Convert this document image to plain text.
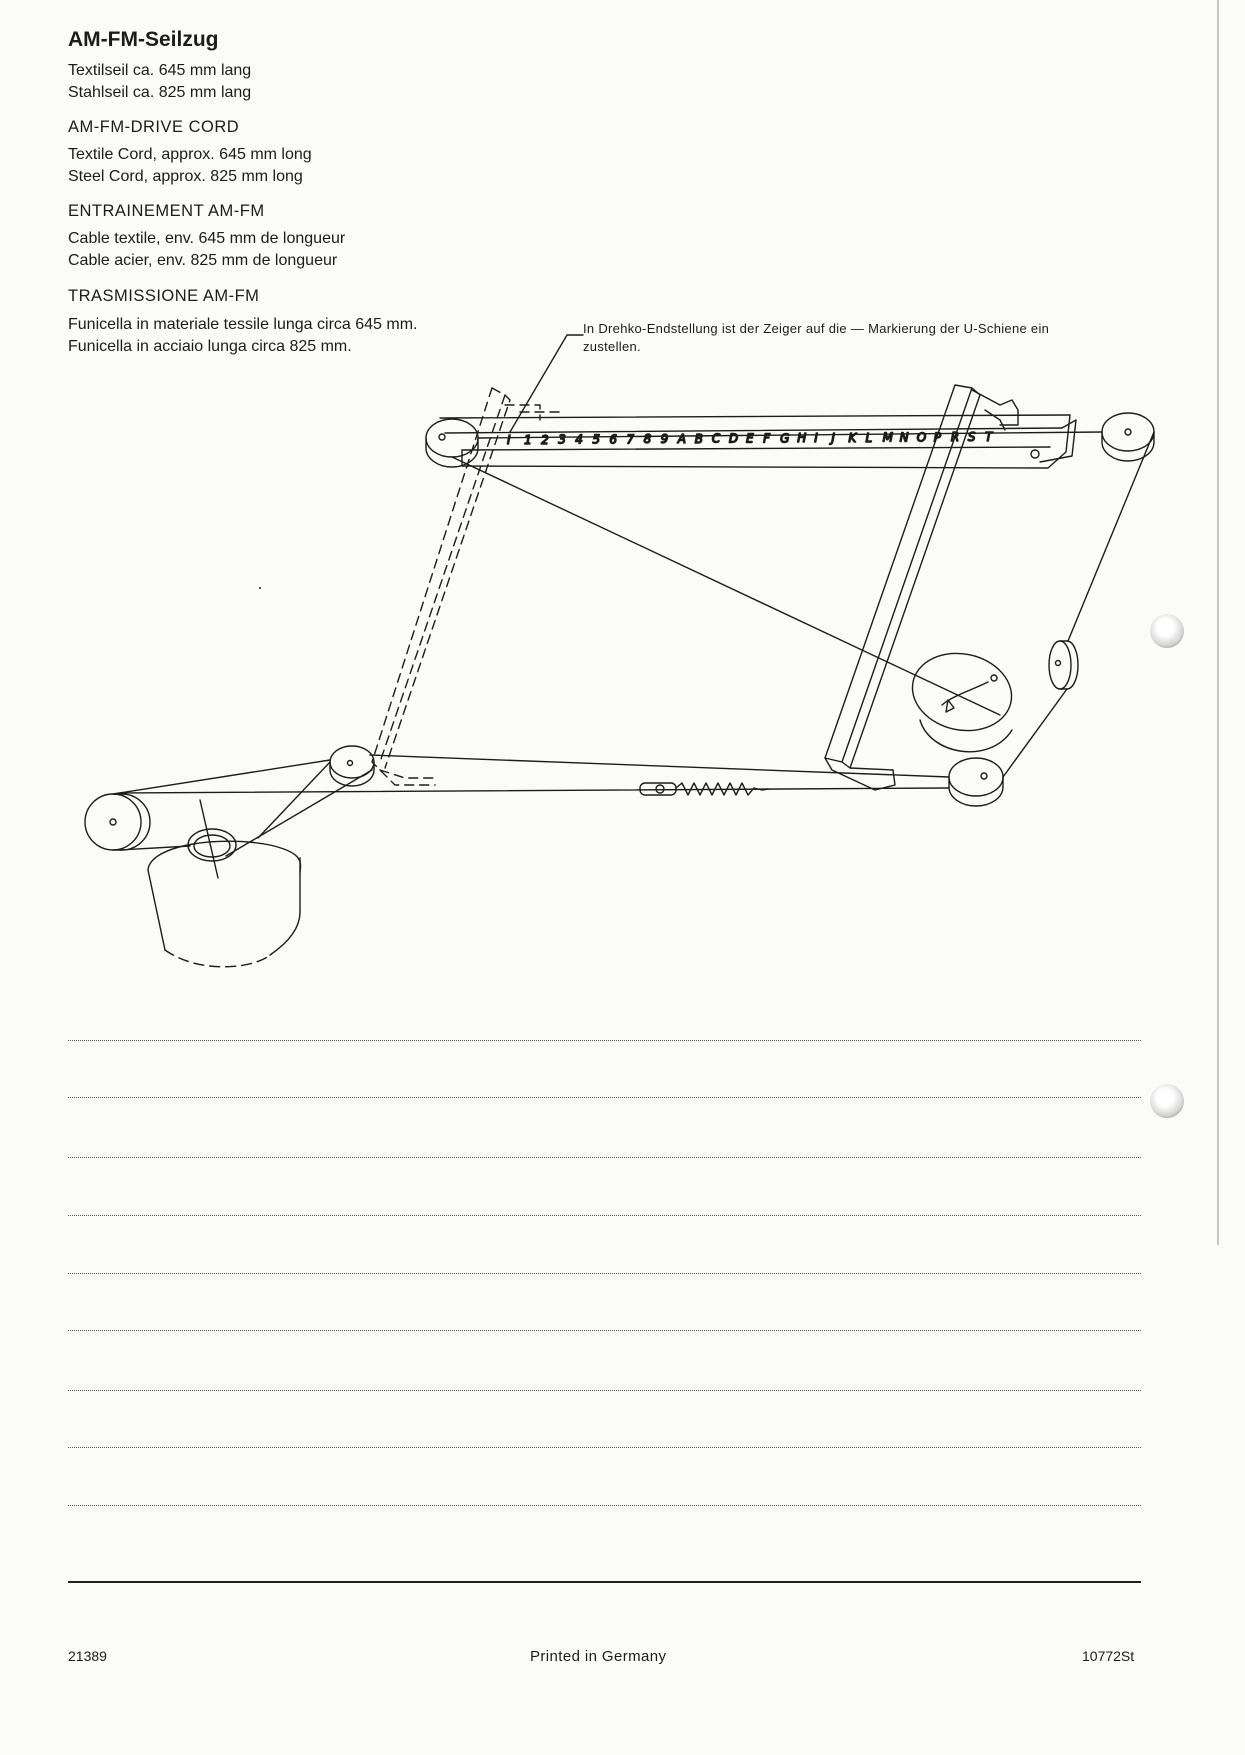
AM-FM-Seilzug
Textilseil ca. 645 mm lang
Stahlseil ca. 825 mm lang
AM-FM-DRIVE CORD
Textile Cord, approx. 645 mm long
Steel Cord, approx. 825 mm long
ENTRAINEMENT AM-FM
Cable textile, env. 645 mm de longueur
Cable acier, env. 825 mm de longueur
TRASMISSIONE AM-FM
Funicella in materiale tessile lunga circa 645 mm.
Funicella in acciaio lunga circa 825 mm.
In Drehko-Endstellung ist der Zeiger auf die — Markierung der U-Schiene ein
zustellen.
I 1 2 3 4 5 6 7 8 9 A B C D E F G H I J K L M N O P R S T
21389	Printed in Germany	10772St
